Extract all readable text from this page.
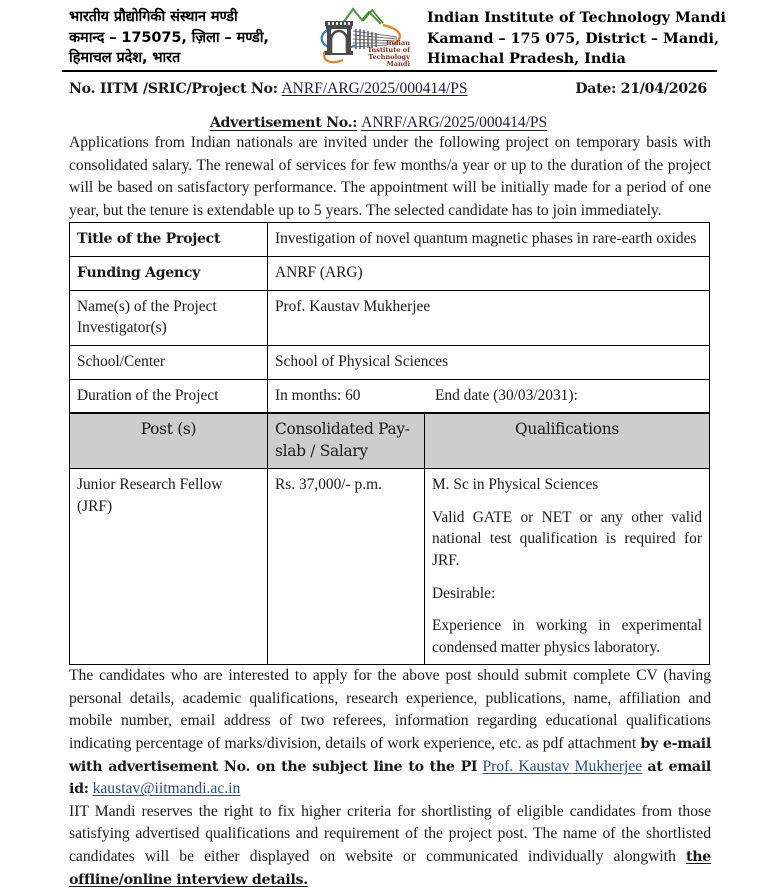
भारतीय प्रौद्योगिकी संस्थान मण्डी
कमान्द – 175075, ज़िला – मण्डी,
हिमाचल प्रदेश, भारत
Indian
Institute of
Technology
Mandi
Indian Institute of Technology Mandi
Kamand – 175 075, District – Mandi,
Himachal Pradesh, India
No. IITM /SRIC/Project No: ANRF/ARG/2025/000414/PS	Date: 21/04/2026
Advertisement No.: ANRF/ARG/2025/000414/PS

Applications from Indian nationals are invited under the following project on temporary basis with consolidated salary. The renewal of services for few months/a year or up to the duration of the project will be based on satisfactory performance. The appointment will be initially made for a period of one year, but the tenure is extendable up to 5 years. The selected candidate has to join immediately.

Title of the Project	Investigation of novel quantum magnetic phases in rare-earth oxides
Funding Agency	ANRF (ARG)
Name(s) of the Project Investigator(s)	Prof. Kaustav Mukherjee
School/Center	School of Physical Sciences
Duration of the Project	In months: 60 End date (30/03/2031):
Post (s)	Consolidated Pay-slab / Salary	Qualifications
Junior Research Fellow (JRF)	Rs. 37,000/- p.m.	M. Sc in Physical Sciences

Valid GATE or NET or any other valid national test qualification is required for JRF.

Desirable:

Experience in working in experimental condensed matter physics laboratory.

The candidates who are interested to apply for the above post should submit complete CV (having personal details, academic qualifications, research experience, publications, name, affiliation and mobile number, email address of two referees, information regarding educational qualifications indicating percentage of marks/division, details of work experience, etc. as pdf attachment by e-mail with advertisement No. on the subject line to the PI Prof. Kaustav Mukherjee at email id: kaustav@iitmandi.ac.in

IIT Mandi reserves the right to fix higher criteria for shortlisting of eligible candidates from those satisfying advertised qualifications and requirement of the project post. The name of the shortlisted candidates will be either displayed on website or communicated individually alongwith the offline/online interview details.
